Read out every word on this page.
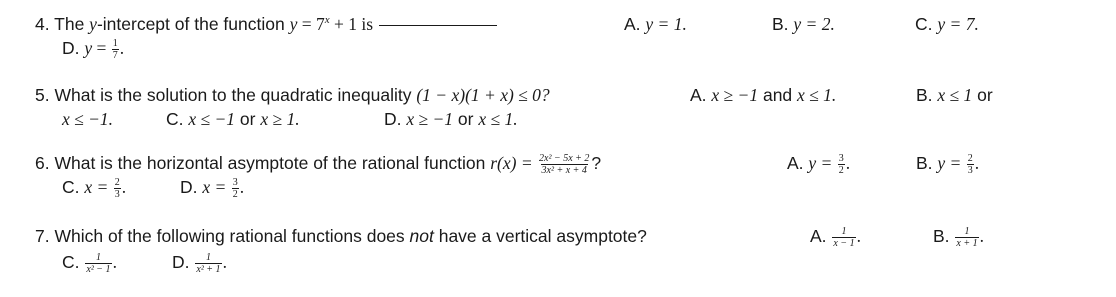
4. The y-intercept of the function $y = 7^x + 1$ is	A. y = 1.	B. y = 2.	C. y = 7.
D. $y = \frac{1}{7}$ .
5. What is the solution to the quadratic inequality (1 − x)(1 + x) ≤ 0?	A. x ≥ −1 and x ≤ 1.	B. x ≤ 1 or
x ≤ −1.	C. x ≤ −1 or x ≥ 1.	D. x ≥ −1 or x ≤ 1.
6. What is the horizontal asymptote of the rational function $r(x) = \frac{\text{2x² − 5x + 2}}{\text{3x² + x + 4}}$ ?	A. $y = \frac{3}{2}$ .	B. $y = \frac{2}{3}$ .
C. $x = \frac{2}{3}$ .	D. $x = \frac{3}{2}$ .
7. Which of the following rational functions does not have a vertical asymptote?	A. $\frac{1}{x - 1}$ .	B. $\frac{1}{x + 1}$ .
C. $\frac{1}{\text{x² − 1}}$ .	D. $\frac{1}{\text{x² + 1}}$ .
